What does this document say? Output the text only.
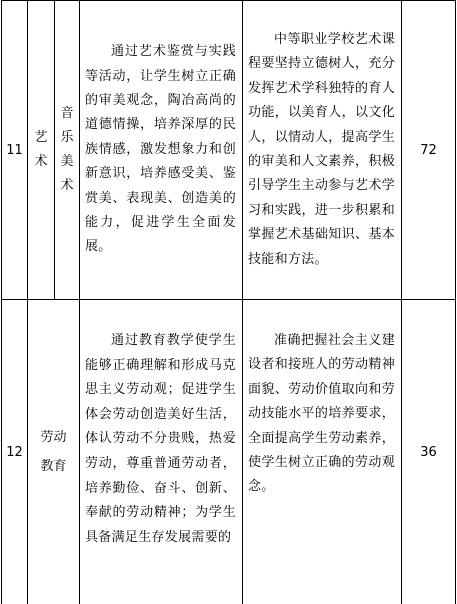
11	艺术	音乐美术	通过艺术鉴赏与实践等活动，让学生树立正确的审美观念，陶冶高尚的道德情操，培养深厚的民族情感，激发想象力和创新意识，培养感受美、鉴赏美、表现美、创造美的能力，促进学生全面发展。	中等职业学校艺术课程要坚持立德树人，充分发挥艺术学科独特的育人功能，以美育人，以文化人，以情动人，提高学生的审美和人文素养，积极引导学生主动参与艺术学习和实践，进一步积累和掌握艺术基础知识、基本技能和方法。	72
12	劳动教育		通过教育教学使学生能够正确理解和形成马克思主义劳动观；促进学生体会劳动创造美好生活，体认劳动不分贵贱，热爱劳动，尊重普通劳动者，培养勤俭、奋斗、创新、奉献的劳动精神；为学生具备满足生存发展需要的	准确把握社会主义建设者和接班人的劳动精神面貌、劳动价值取向和劳动技能水平的培养要求，全面提高学生劳动素养，使学生树立正确的劳动观念。	36
